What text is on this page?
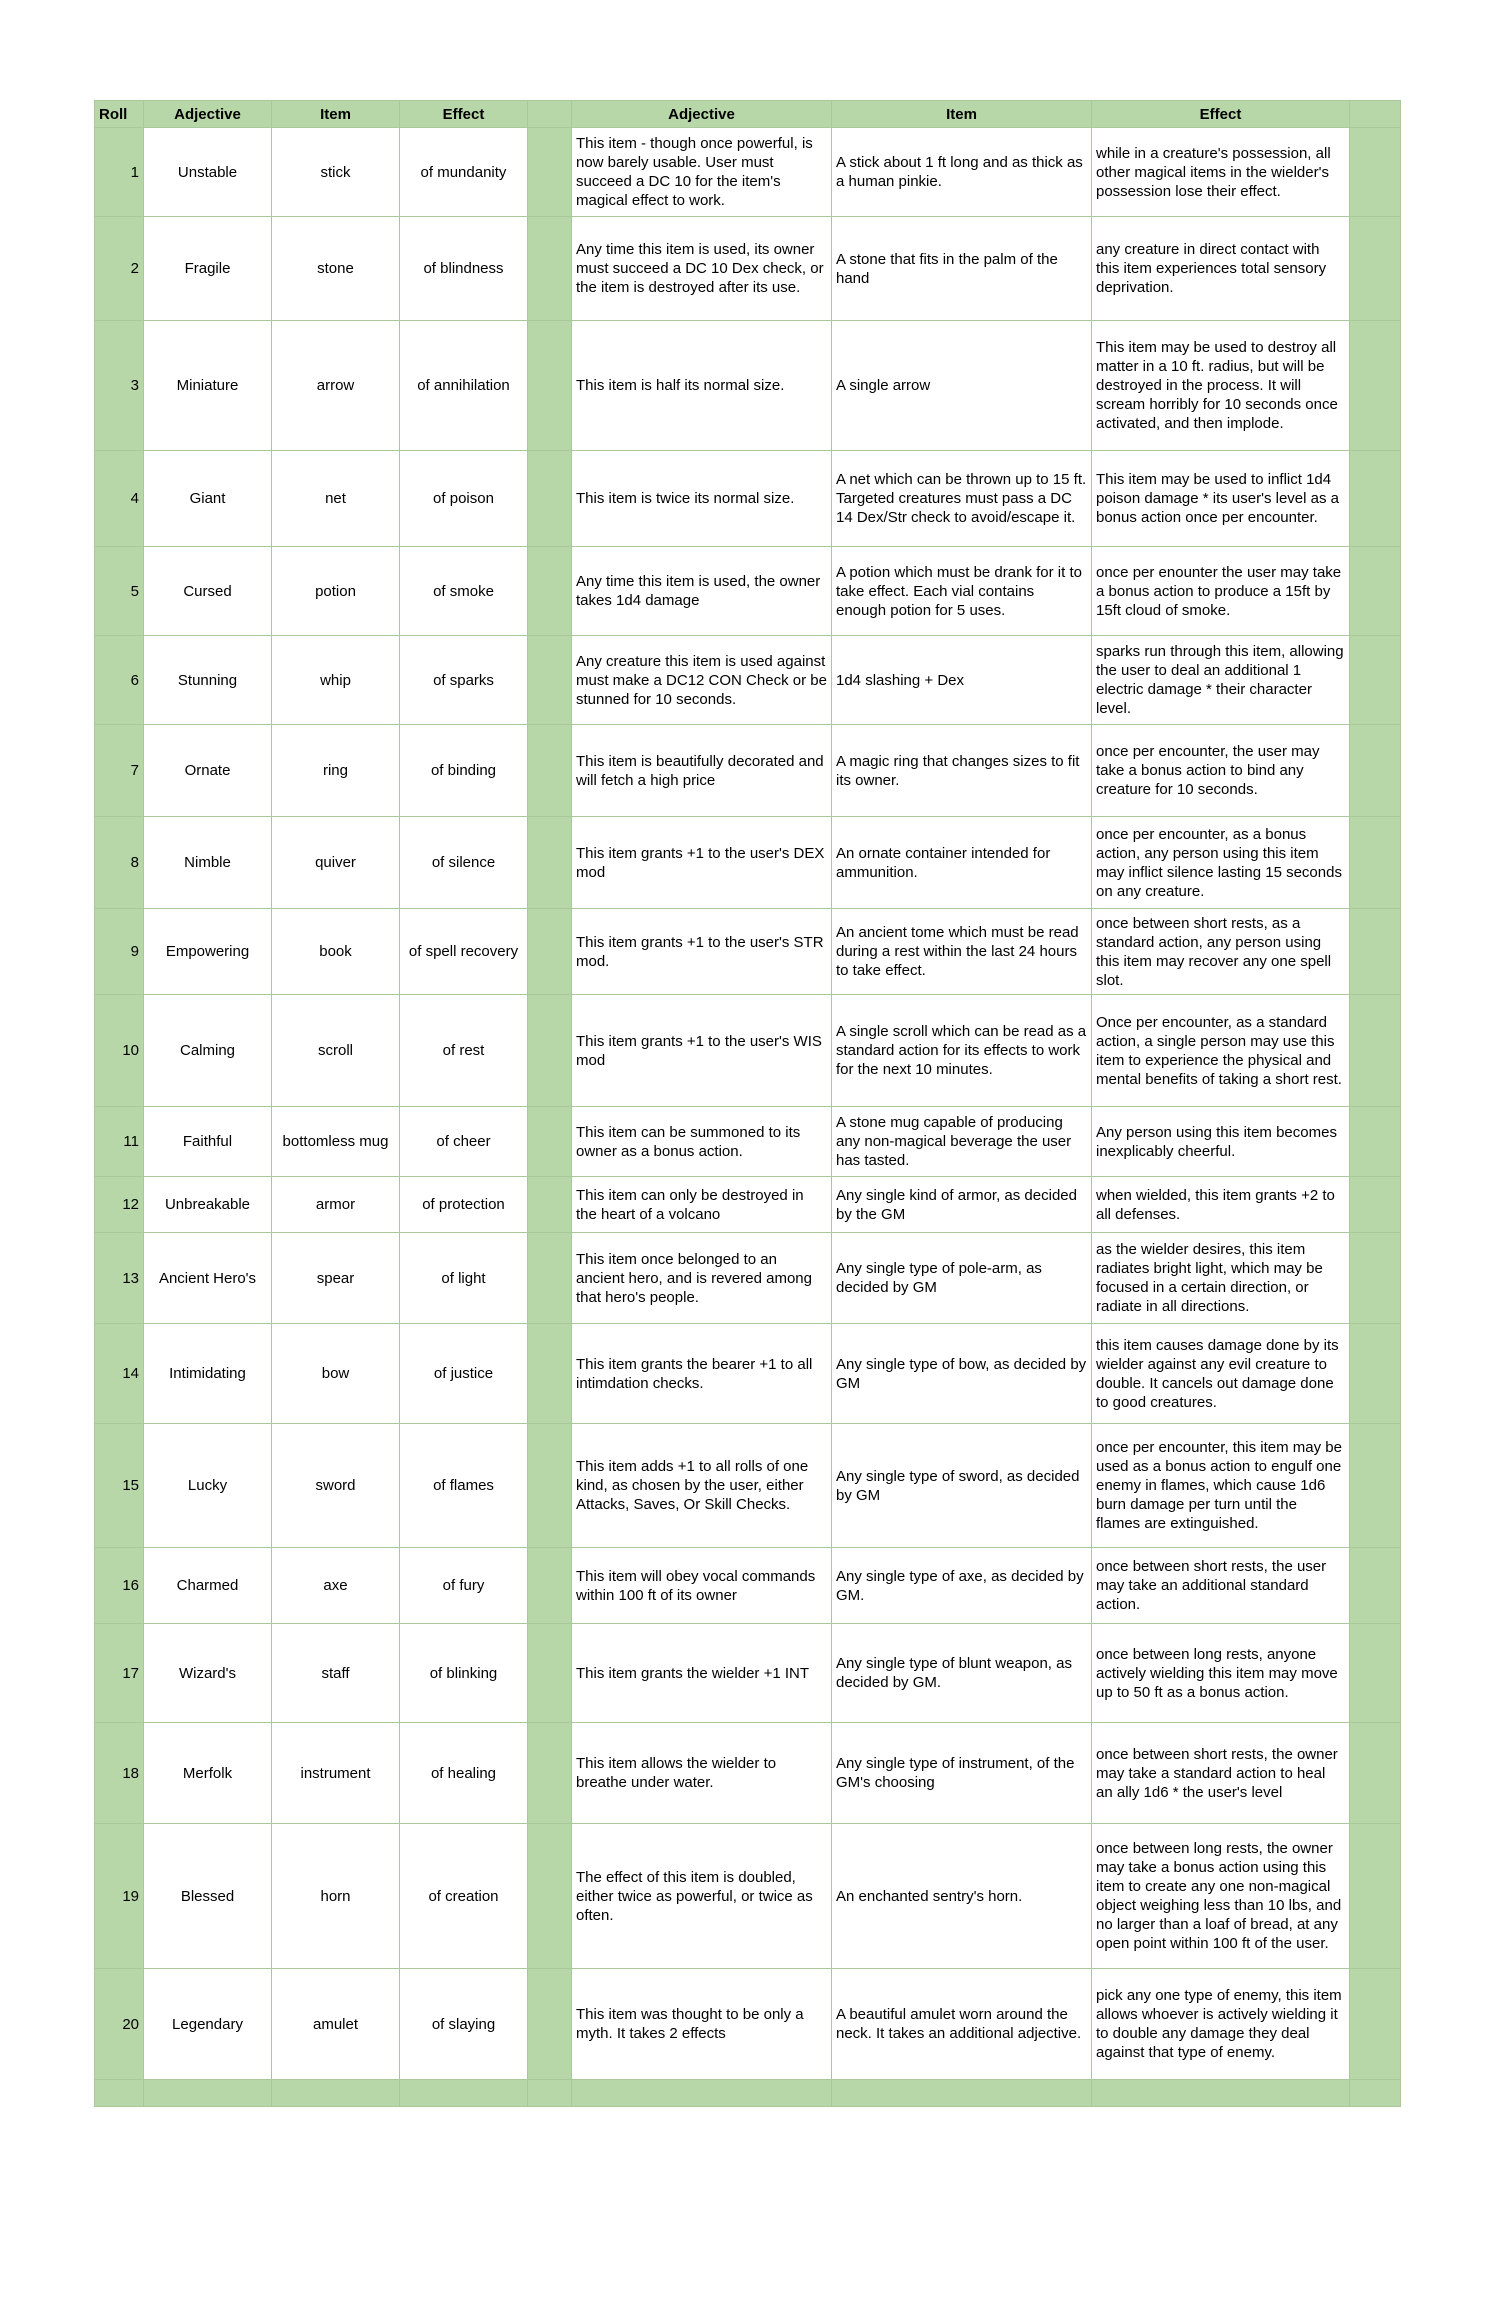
Roll	Adjective	Item	Effect		Adjective	Item	Effect	
1	Unstable	stick	of mundanity		This item - though once powerful, is now barely usable. User must succeed a DC 10 for the item's magical effect to work.	A stick about 1 ft long and as thick as a human pinkie.	while in a creature's possession, all other magical items in the wielder's possession lose their effect.	
2	Fragile	stone	of blindness		Any time this item is used, its owner must succeed a DC 10 Dex check, or the item is destroyed after its use.	A stone that fits in the palm of the hand	any creature in direct contact with this item experiences total sensory deprivation.	
3	Miniature	arrow	of annihilation		This item is half its normal size.	A single arrow	This item may be used to destroy all matter in a 10 ft. radius, but will be destroyed in the process. It will scream horribly for 10 seconds once activated, and then implode.	
4	Giant	net	of poison		This item is twice its normal size.	A net which can be thrown up to 15 ft. Targeted creatures must pass a DC 14 Dex/Str check to avoid/escape it.	This item may be used to inflict 1d4 poison damage * its user's level as a bonus action once per encounter.	
5	Cursed	potion	of smoke		Any time this item is used, the owner takes 1d4 damage	A potion which must be drank for it to take effect. Each vial contains enough potion for 5 uses.	once per enounter the user may take a bonus action to produce a 15ft by 15ft cloud of smoke.	
6	Stunning	whip	of sparks		Any creature this item is used against must make a DC12 CON Check or be stunned for 10 seconds.	1d4 slashing + Dex	sparks run through this item, allowing the user to deal an additional 1 electric damage * their character level.	
7	Ornate	ring	of binding		This item is beautifully decorated and will fetch a high price	A magic ring that changes sizes to fit its owner.	once per encounter, the user may take a bonus action to bind any creature for 10 seconds.	
8	Nimble	quiver	of silence		This item grants +1 to the user's DEX mod	An ornate container intended for ammunition.	once per encounter, as a bonus action, any person using this item may inflict silence lasting 15 seconds on any creature.	
9	Empowering	book	of spell recovery		This item grants +1 to the user's STR mod.	An ancient tome which must be read during a rest within the last 24 hours to take effect.	once between short rests, as a standard action, any person using this item may recover any one spell slot.	
10	Calming	scroll	of rest		This item grants +1 to the user's WIS mod	A single scroll which can be read as a standard action for its effects to work for the next 10 minutes.	Once per encounter, as a standard action, a single person may use this item to experience the physical and mental benefits of taking a short rest.	
11	Faithful	bottomless mug	of cheer		This item can be summoned to its owner as a bonus action.	A stone mug capable of producing any non-magical beverage the user has tasted.	Any person using this item becomes inexplicably cheerful.	
12	Unbreakable	armor	of protection		This item can only be destroyed in the heart of a volcano	Any single kind of armor, as decided by the GM	when wielded, this item grants +2 to all defenses.	
13	Ancient Hero's	spear	of light		This item once belonged to an ancient hero, and is revered among that hero's people.	Any single type of pole-arm, as decided by GM	as the wielder desires, this item radiates bright light, which may be focused in a certain direction, or radiate in all directions.	
14	Intimidating	bow	of justice		This item grants the bearer +1 to all intimdation checks.	Any single type of bow, as decided by GM	this item causes damage done by its wielder against any evil creature to double. It cancels out damage done to good creatures.	
15	Lucky	sword	of flames		This item adds +1 to all rolls of one kind, as chosen by the user, either Attacks, Saves, Or Skill Checks.	Any single type of sword, as decided by GM	once per encounter, this item may be used as a bonus action to engulf one enemy in flames, which cause 1d6 burn damage per turn until the flames are extinguished.	
16	Charmed	axe	of fury		This item will obey vocal commands within 100 ft of its owner	Any single type of axe, as decided by GM.	once between short rests, the user may take an additional standard action.	
17	Wizard's	staff	of blinking		This item grants the wielder +1 INT	Any single type of blunt weapon, as decided by GM.	once between long rests, anyone actively wielding this item may move up to 50 ft as a bonus action.	
18	Merfolk	instrument	of healing		This item allows the wielder to breathe under water.	Any single type of instrument, of the GM's choosing	once between short rests, the owner may take a standard action to heal an ally 1d6 * the user's level	
19	Blessed	horn	of creation		The effect of this item is doubled, either twice as powerful, or twice as often.	An enchanted sentry's horn.	once between long rests, the owner may take a bonus action using this item to create any one non-magical object weighing less than 10 lbs, and no larger than a loaf of bread, at any open point within 100 ft of the user.	
20	Legendary	amulet	of slaying		This item was thought to be only a myth. It takes 2 effects	A beautiful amulet worn around the neck. It takes an additional adjective.	pick any one type of enemy, this item allows whoever is actively wielding it to double any damage they deal against that type of enemy.	
